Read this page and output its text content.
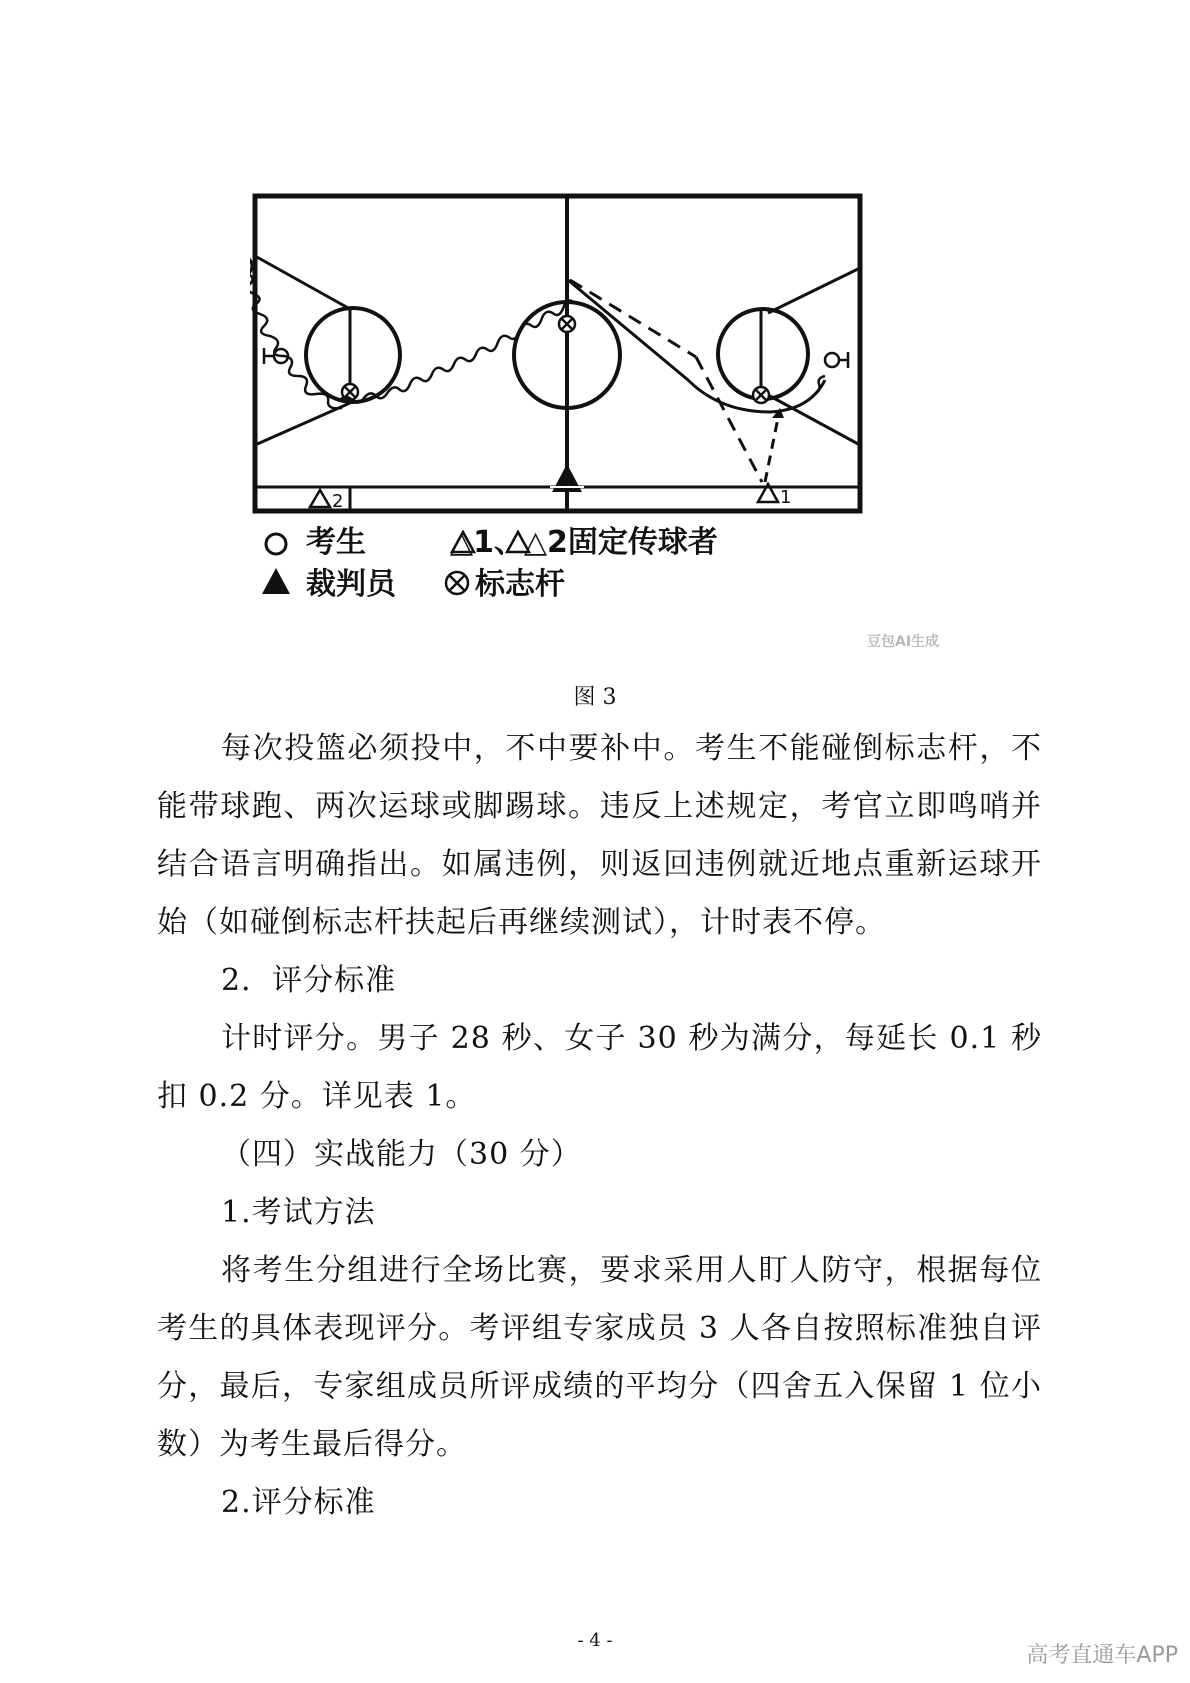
1
2
考生	△1、△2固定传球者
裁判员	标志杆
豆包AI生成
图 3

每次投篮必须投中，不中要补中。考生不能碰倒标志杆，不能带球跑、两次运球或脚踢球。违反上述规定，考官立即鸣哨并结合语言明确指出。如属违例，则返回违例就近地点重新运球开始（如碰倒标志杆扶起后再继续测试），计时表不停。

2．评分标准

计时评分。男子 28 秒、女子 30 秒为满分，每延长 0.1 秒扣 0.2 分。详见表 1。

（四）实战能力（30 分）

1.考试方法

将考生分组进行全场比赛，要求采用人盯人防守，根据每位考生的具体表现评分。考评组专家成员 3 人各自按照标准独自评分，最后，专家组成员所评成绩的平均分（四舍五入保留 1 位小数）为考生最后得分。

2.评分标准

- 4 -
高考直通车APP
